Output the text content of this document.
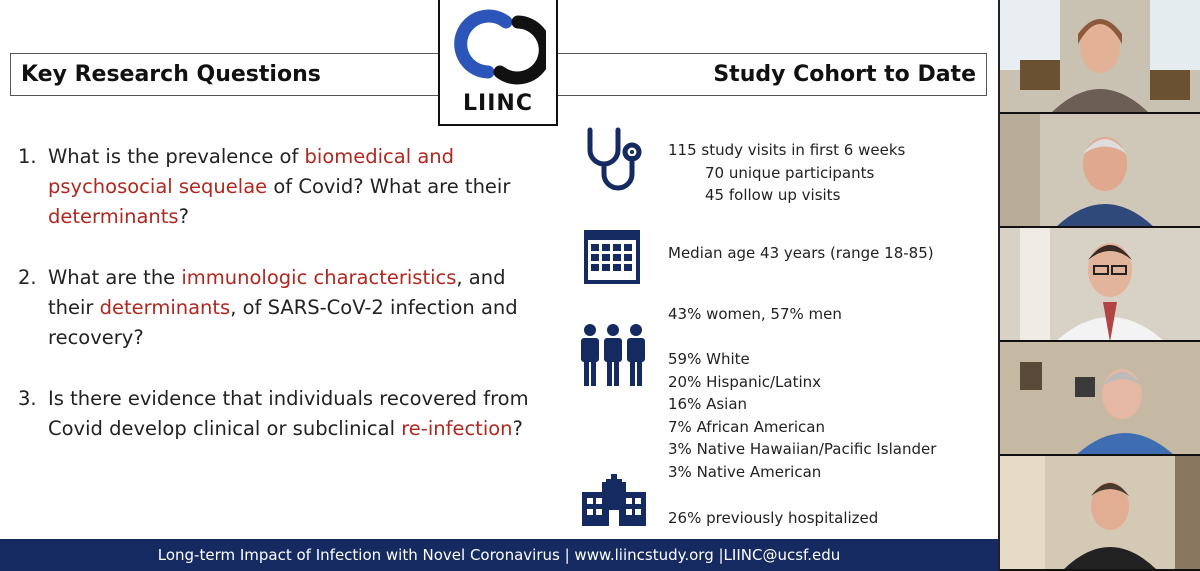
Key Research Questions	Study Cohort to Date
LIINC
1. What is the prevalence of biomedical and psychosocial sequelae of Covid? What are their determinants?
2. What are the immunologic characteristics, and their determinants, of SARS-CoV-2 infection and recovery?
3. Is there evidence that individuals recovered from Covid develop clinical or subclinical re-infection?
115 study visits in first 6 weeks
70 unique participants
45 follow up visits
Median age 43 years (range 18-85)
43% women, 57% men
59% White
20% Hispanic/Latinx
16% Asian
7% African American
3% Native Hawaiian/Pacific Islander
3% Native American
26% previously hospitalized
Long-term Impact of Infection with Novel Coronavirus | www.liincstudy.org |LIINC@ucsf.edu
